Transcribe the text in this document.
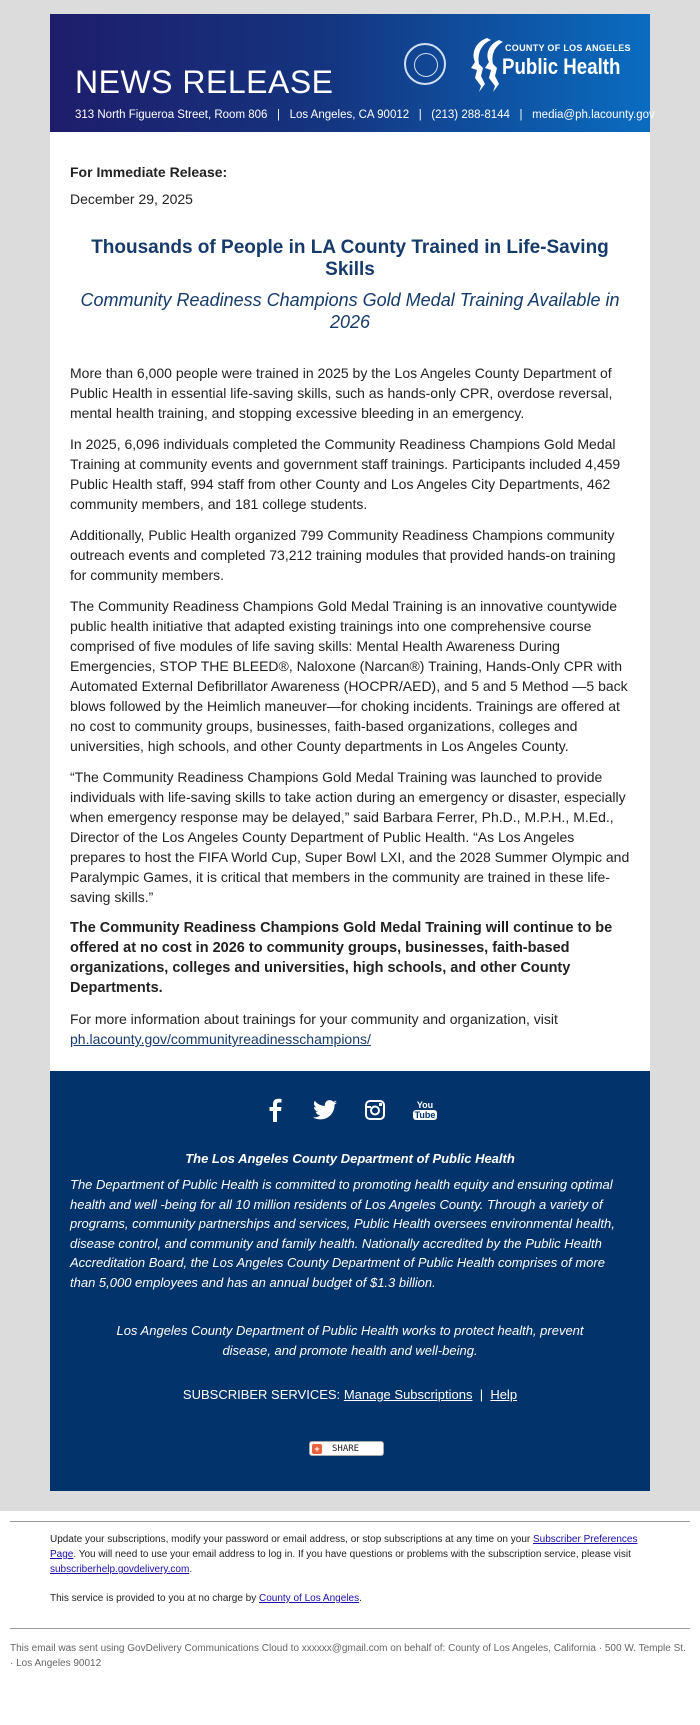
NEWS RELEASE
313 North Figueroa Street, Room 806   |   Los Angeles, CA 90012   |   (213) 288-8144   |   media@ph.lacounty.gov
COUNTY OF LOS ANGELES
Public Health
For Immediate Release:
December 29, 2025
Thousands of People in LA County Trained in Life-Saving Skills
Community Readiness Champions Gold Medal Training Available in 2026

More than 6,000 people were trained in 2025 by the Los Angeles County Department of Public Health in essential life-saving skills, such as hands-only CPR, overdose reversal, mental health training, and stopping excessive bleeding in an emergency.

In 2025, 6,096 individuals completed the Community Readiness Champions Gold Medal Training at community events and government staff trainings. Participants included 4,459 Public Health staff, 994 staff from other County and Los Angeles City Departments, 462 community members, and 181 college students.

Additionally, Public Health organized 799 Community Readiness Champions community outreach events and completed 73,212 training modules that provided hands-on training for community members.

The Community Readiness Champions Gold Medal Training is an innovative countywide public health initiative that adapted existing trainings into one comprehensive course comprised of five modules of life saving skills: Mental Health Awareness During Emergencies, STOP THE BLEED®, Naloxone (Narcan®) Training, Hands-Only CPR with Automated External Defibrillator Awareness (HOCPR/AED), and 5 and 5 Method —5 back blows followed by the Heimlich maneuver—for choking incidents. Trainings are offered at no cost to community groups, businesses, faith-based organizations, colleges and universities, high schools, and other County departments in Los Angeles County.

“The Community Readiness Champions Gold Medal Training was launched to provide individuals with life-saving skills to take action during an emergency or disaster, especially when emergency response may be delayed,” said Barbara Ferrer, Ph.D., M.P.H., M.Ed., Director of the Los Angeles County Department of Public Health. “As Los Angeles prepares to host the FIFA World Cup, Super Bowl LXI, and the 2028 Summer Olympic and Paralympic Games, it is critical that members in the community are trained in these life-saving skills.”

The Community Readiness Champions Gold Medal Training will continue to be offered at no cost in 2026 to community groups, businesses, faith-based organizations, colleges and universities, high schools, and other County Departments.

For more information about trainings for your community and organization, visit
ph.lacounty.gov/communityreadinesschampions/

You
Tube
The Los Angeles County Department of Public Health
The Department of Public Health is committed to promoting health equity and ensuring optimal health and well -being for all 10 million residents of Los Angeles County. Through a variety of programs, community partnerships and services, Public Health oversees environmental health, disease control, and community and family health. Nationally accredited by the Public Health Accreditation Board, the Los Angeles County Department of Public Health comprises of more than 5,000 employees and has an annual budget of $1.3 billion.
Los Angeles County Department of Public Health works to protect health, prevent disease, and promote health and well-being.
SUBSCRIBER SERVICES: Manage Subscriptions | Help
+ SHARE
Update your subscriptions, modify your password or email address, or stop subscriptions at any time on your Subscriber Preferences Page. You will need to use your email address to log in. If you have questions or problems with the subscription service, please visit subscriberhelp.govdelivery.com.
This service is provided to you at no charge by County of Los Angeles.
This email was sent using GovDelivery Communications Cloud to xxxxxx@gmail.com on behalf of: County of Los Angeles, California · 500 W. Temple St. · Los Angeles 90012
